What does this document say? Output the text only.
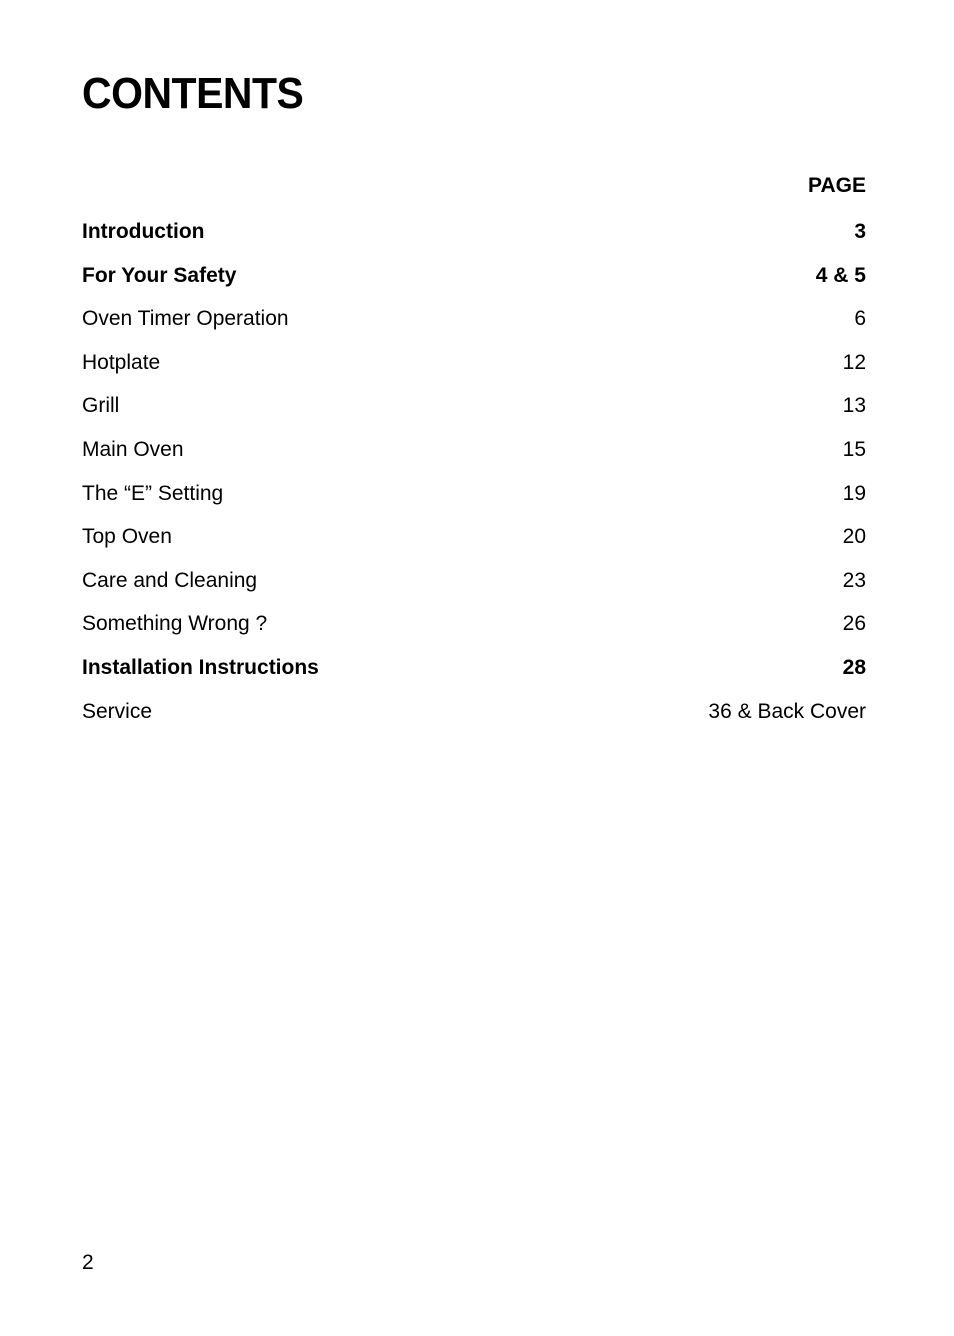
CONTENTS
PAGE
Introduction	3
For Your Safety	4 & 5
Oven Timer Operation	6
Hotplate	12
Grill	13
Main Oven	15
The “E” Setting	19
Top Oven	20
Care and Cleaning	23
Something Wrong ?	26
Installation Instructions	28
Service	36 & Back Cover
2
